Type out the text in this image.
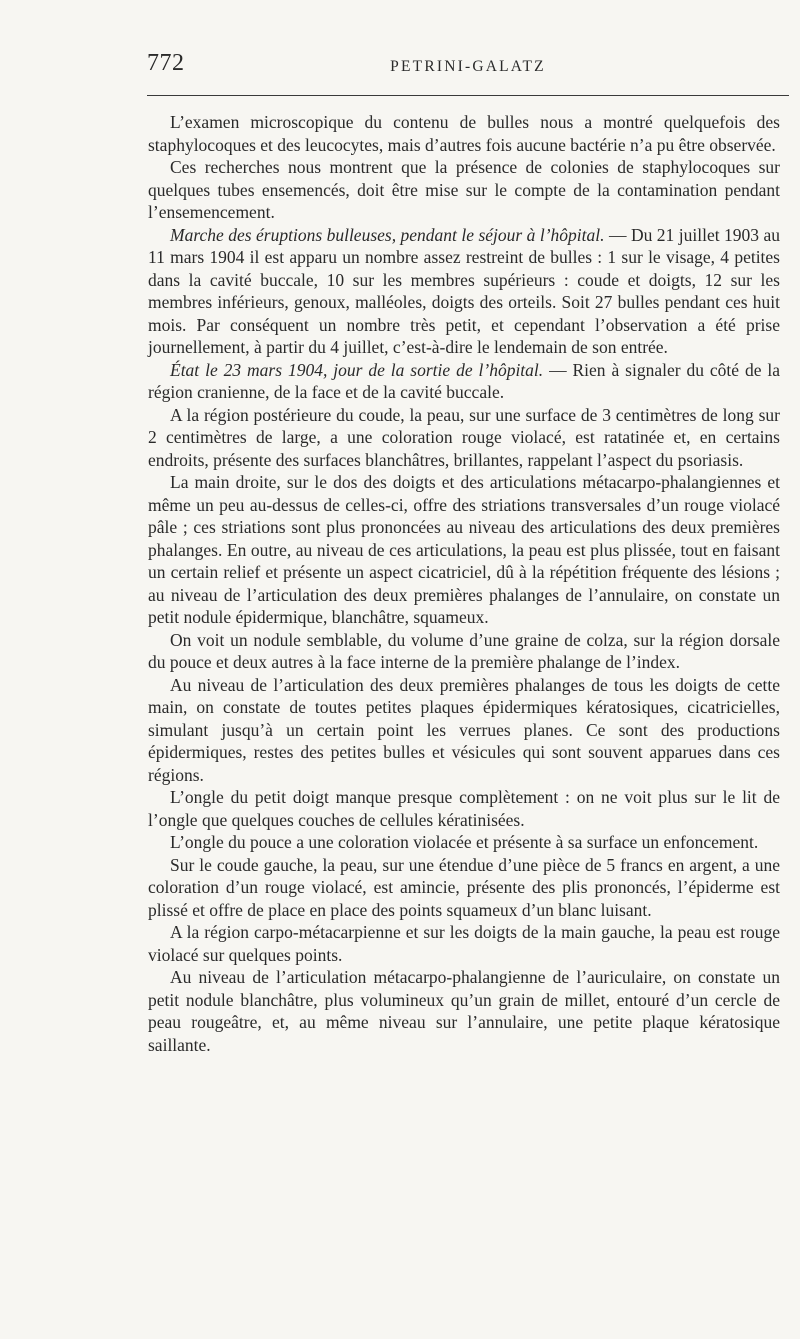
772	PETRINI-GALATZ

L’examen microscopique du contenu de bulles nous a montré quelquefois des staphylocoques et des leucocytes, mais d’autres fois aucune bactérie n’a pu être observée.

Ces recherches nous montrent que la présence de colonies de staphylocoques sur quelques tubes ensemencés, doit être mise sur le compte de la contamination pendant l’ensemencement.

Marche des éruptions bulleuses, pendant le séjour à l’hôpital. — Du 21 juillet 1903 au 11 mars 1904 il est apparu un nombre assez restreint de bulles : 1 sur le visage, 4 petites dans la cavité buccale, 10 sur les membres supérieurs : coude et doigts, 12 sur les membres inférieurs, genoux, malléoles, doigts des orteils. Soit 27 bulles pendant ces huit mois. Par conséquent un nombre très petit, et cependant l’observation a été prise journellement, à partir du 4 juillet, c’est-à-dire le lendemain de son entrée.

État le 23 mars 1904, jour de la sortie de l’hôpital. — Rien à signaler du côté de la région cranienne, de la face et de la cavité buccale.

A la région postérieure du coude, la peau, sur une surface de 3 centimètres de long sur 2 centimètres de large, a une coloration rouge violacé, est ratatinée et, en certains endroits, présente des surfaces blanchâtres, brillantes, rappelant l’aspect du psoriasis.

La main droite, sur le dos des doigts et des articulations métacarpo-phalangiennes et même un peu au-dessus de celles-ci, offre des striations transversales d’un rouge violacé pâle ; ces striations sont plus prononcées au niveau des articulations des deux premières phalanges. En outre, au niveau de ces articulations, la peau est plus plissée, tout en faisant un certain relief et présente un aspect cicatriciel, dû à la répétition fréquente des lésions ; au niveau de l’articulation des deux premières phalanges de l’annulaire, on constate un petit nodule épidermique, blanchâtre, squameux.

On voit un nodule semblable, du volume d’une graine de colza, sur la région dorsale du pouce et deux autres à la face interne de la première phalange de l’index.

Au niveau de l’articulation des deux premières phalanges de tous les doigts de cette main, on constate de toutes petites plaques épidermiques kératosiques, cicatricielles, simulant jusqu’à un certain point les verrues planes. Ce sont des productions épidermiques, restes des petites bulles et vésicules qui sont souvent apparues dans ces régions.

L’ongle du petit doigt manque presque complètement : on ne voit plus sur le lit de l’ongle que quelques couches de cellules kératinisées.

L’ongle du pouce a une coloration violacée et présente à sa surface un enfoncement.

Sur le coude gauche, la peau, sur une étendue d’une pièce de 5 francs en argent, a une coloration d’un rouge violacé, est amincie, présente des plis prononcés, l’épiderme est plissé et offre de place en place des points squameux d’un blanc luisant.

A la région carpo-métacarpienne et sur les doigts de la main gauche, la peau est rouge violacé sur quelques points.

Au niveau de l’articulation métacarpo-phalangienne de l’auriculaire, on constate un petit nodule blanchâtre, plus volumineux qu’un grain de millet, entouré d’un cercle de peau rougeâtre, et, au même niveau sur l’annulaire, une petite plaque kératosique saillante.
